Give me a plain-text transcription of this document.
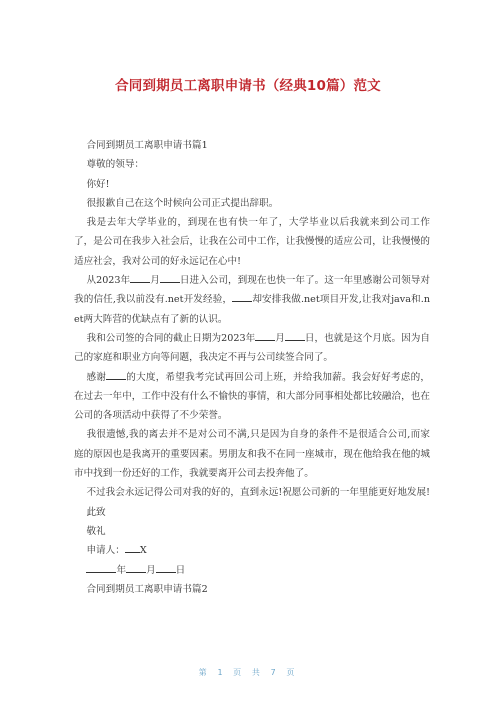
合同到期员工离职申请书（经典10篇）范文

合同到期员工离职申请书篇1

尊敬的领导：

你好!

很报歉自己在这个时候向公司正式提出辞职。

我是去年大学毕业的，到现在也有快一年了，大学毕业以后我就来到公司工作了，是公司在我步入社会后，让我在公司中工作，让我慢慢的适应公司，让我慢慢的适应社会，我对公司的好永远记在心中!

从2023年 月 日进入公司，到现在也快一年了。这一年里感谢公司领导对我的信任,我以前没有.net开发经验， 却安排我做.net项目开发,让我对java和.net两大阵营的优缺点有了新的认识。

我和公司签的合同的截止日期为2023年 月 日，也就是这个月底。因为自己的家庭和职业方向等问题，我决定不再与公司续签合同了。

感谢 的大度，希望我考完试再回公司上班，并给我加薪。我会好好考虑的，在过去一年中，工作中没有什么不愉快的事情，和大部分同事相处都比较融洽，也在公司的各项活动中获得了不少荣誉。

我很遗憾,我的离去并不是对公司不满,只是因为自身的条件不是很适合公司,而家庭的原因也是我离开的重要因素。男朋友和我不在同一座城市，现在他给我在他的城市中找到一份还好的工作，我就要离开公司去投奔他了。

不过我会永远记得公司对我的好的，直到永远!祝愿公司新的一年里能更好地发展!

此致

敬礼

申请人： X

年 月 日

合同到期员工离职申请书篇2

第 1 页 共 7 页
